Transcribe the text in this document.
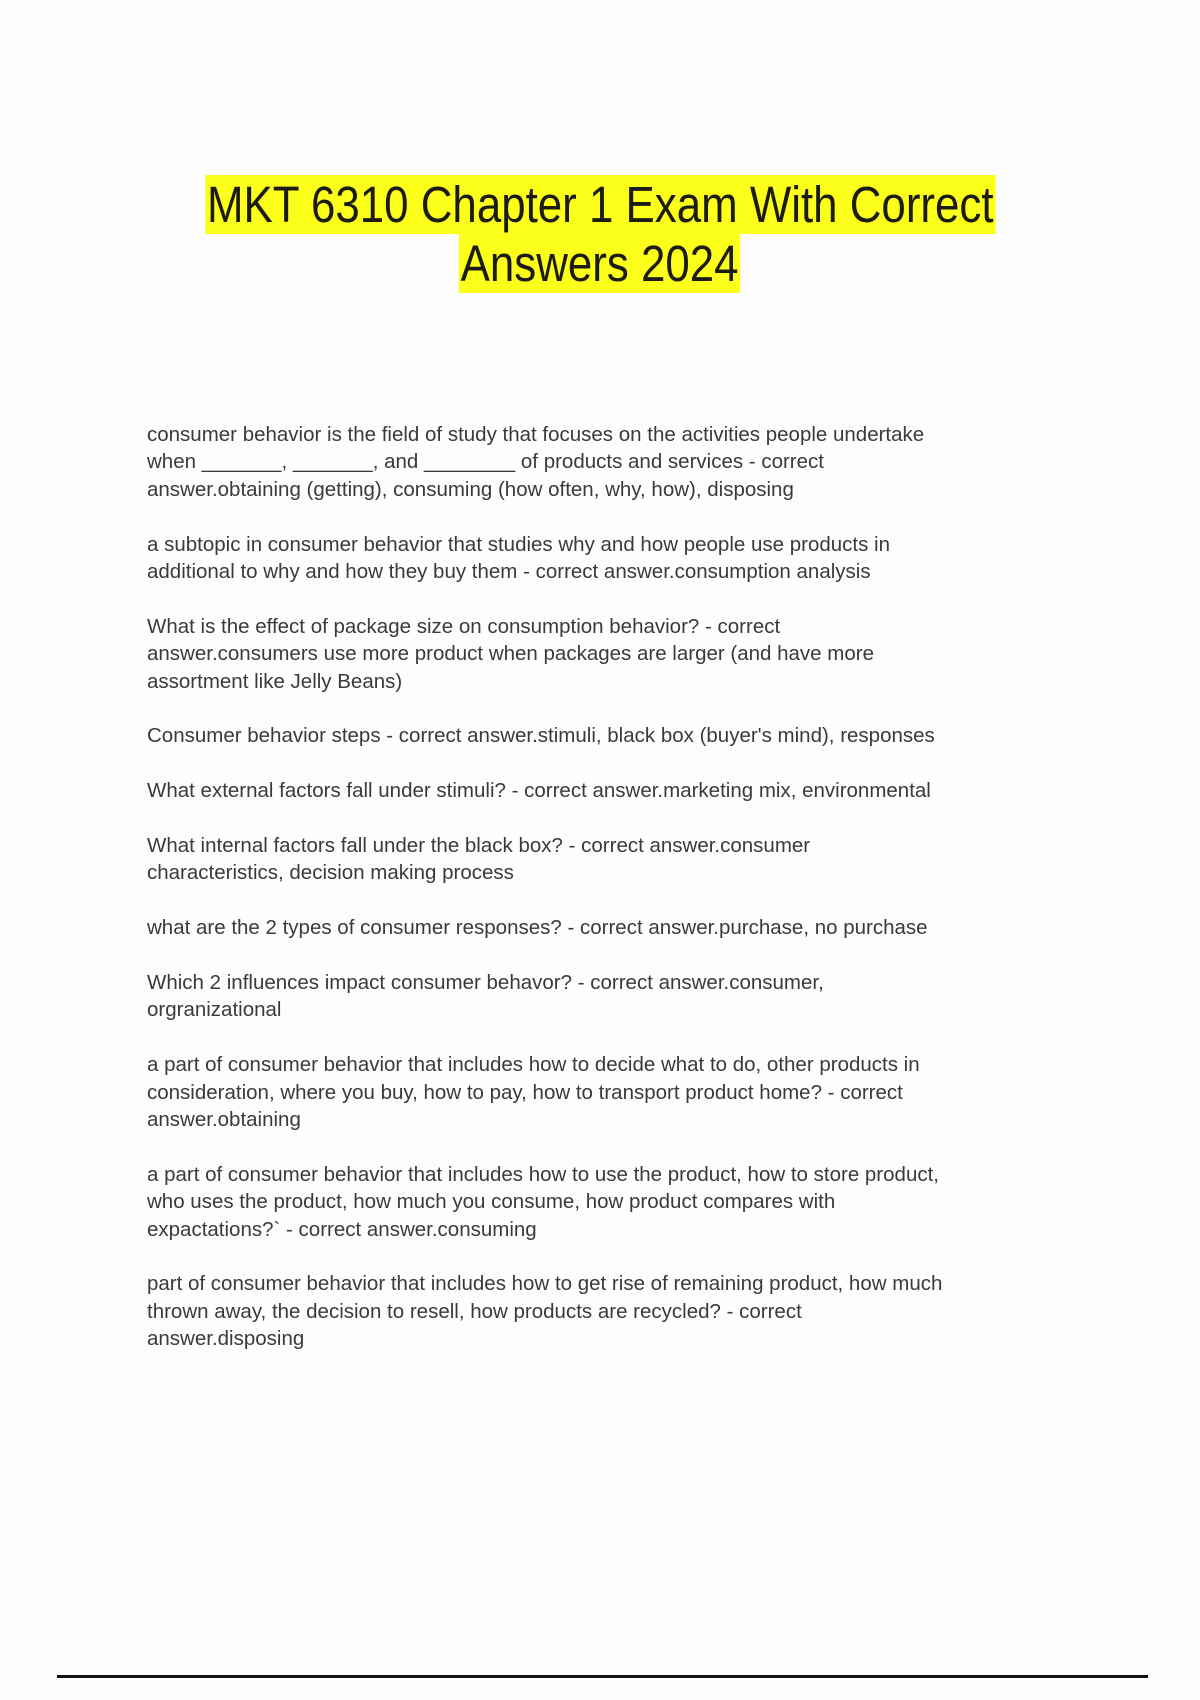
MKT 6310 Chapter 1 Exam With Correct
Answers 2024
consumer behavior is the field of study that focuses on the activities people undertake
when _______, _______, and ________ of products and services - correct
answer.obtaining (getting), consuming (how often, why, how), disposing
a subtopic in consumer behavior that studies why and how people use products in
additional to why and how they buy them - correct answer.consumption analysis
What is the effect of package size on consumption behavior? - correct
answer.consumers use more product when packages are larger (and have more
assortment like Jelly Beans)
Consumer behavior steps - correct answer.stimuli, black box (buyer's mind), responses
What external factors fall under stimuli? - correct answer.marketing mix, environmental
What internal factors fall under the black box? - correct answer.consumer
characteristics, decision making process
what are the 2 types of consumer responses? - correct answer.purchase, no purchase
Which 2 influences impact consumer behavor? - correct answer.consumer,
orgranizational
a part of consumer behavior that includes how to decide what to do, other products in
consideration, where you buy, how to pay, how to transport product home? - correct
answer.obtaining
a part of consumer behavior that includes how to use the product, how to store product,
who uses the product, how much you consume, how product compares with
expactations?` - correct answer.consuming
part of consumer behavior that includes how to get rise of remaining product, how much
thrown away, the decision to resell, how products are recycled? - correct
answer.disposing
